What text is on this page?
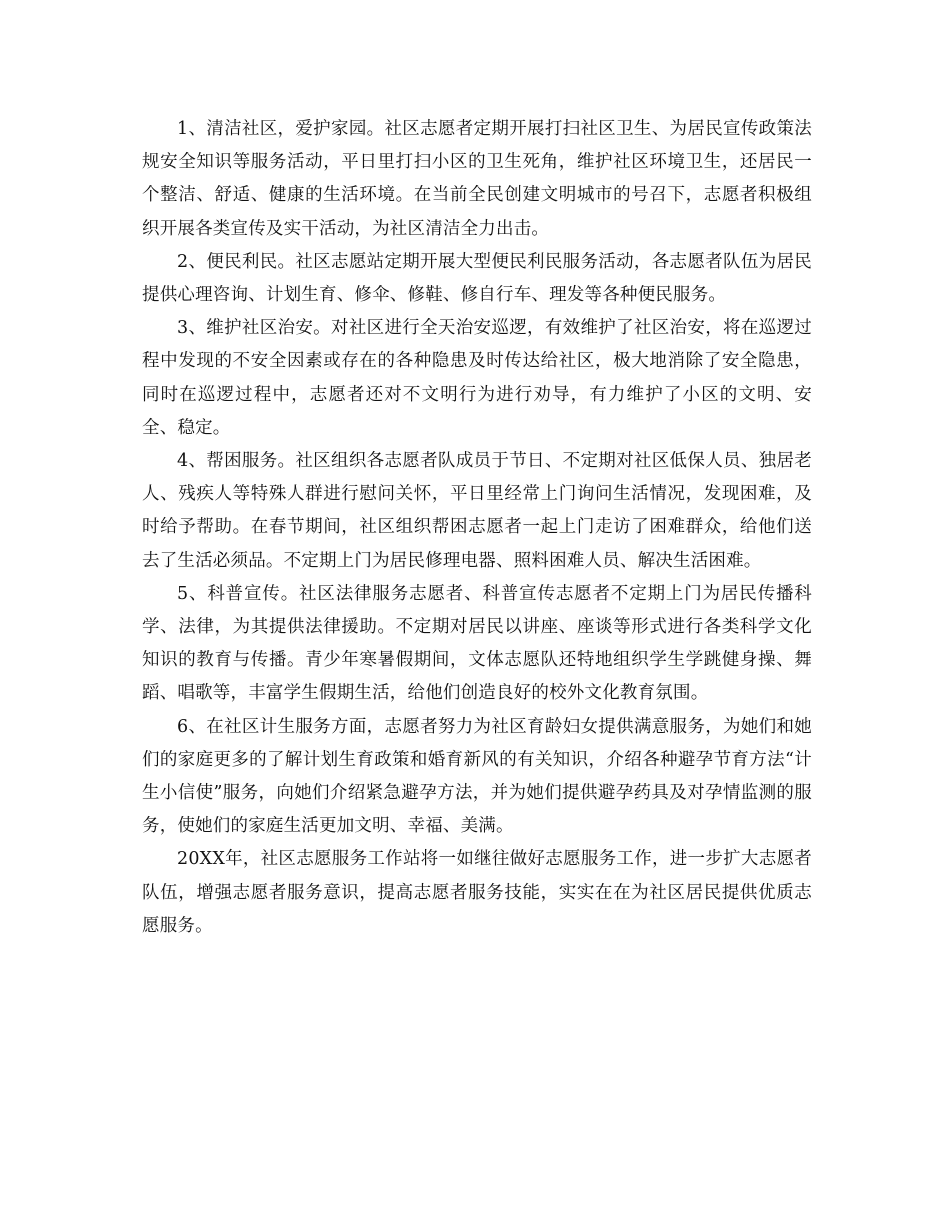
1、清洁社区，爱护家园。社区志愿者定期开展打扫社区卫生、为居民宣传政策法规安全知识等服务活动，平日里打扫小区的卫生死角，维护社区环境卫生，还居民一个整洁、舒适、健康的生活环境。在当前全民创建文明城市的号召下，志愿者积极组织开展各类宣传及实干活动，为社区清洁全力出击。

2、便民利民。社区志愿站定期开展大型便民利民服务活动，各志愿者队伍为居民提供心理咨询、计划生育、修伞、修鞋、修自行车、理发等各种便民服务。

3、维护社区治安。对社区进行全天治安巡逻，有效维护了社区治安，将在巡逻过程中发现的不安全因素或存在的各种隐患及时传达给社区，极大地消除了安全隐患，同时在巡逻过程中，志愿者还对不文明行为进行劝导，有力维护了小区的文明、安全、稳定。

4、帮困服务。社区组织各志愿者队成员于节日、不定期对社区低保人员、独居老人、残疾人等特殊人群进行慰问关怀，平日里经常上门询问生活情况，发现困难，及时给予帮助。在春节期间，社区组织帮困志愿者一起上门走访了困难群众，给他们送去了生活必须品。不定期上门为居民修理电器、照料困难人员、解决生活困难。

5、科普宣传。社区法律服务志愿者、科普宣传志愿者不定期上门为居民传播科学、法律，为其提供法律援助。不定期对居民以讲座、座谈等形式进行各类科学文化知识的教育与传播。青少年寒暑假期间，文体志愿队还特地组织学生学跳健身操、舞蹈、唱歌等，丰富学生假期生活，给他们创造良好的校外文化教育氛围。

6、在社区计生服务方面，志愿者努力为社区育龄妇女提供满意服务，为她们和她们的家庭更多的了解计划生育政策和婚育新风的有关知识，介绍各种避孕节育方法“计生小信使”服务，向她们介绍紧急避孕方法，并为她们提供避孕药具及对孕情监测的服务，使她们的家庭生活更加文明、幸福、美满。

20XX年，社区志愿服务工作站将一如继往做好志愿服务工作，进一步扩大志愿者队伍，增强志愿者服务意识，提高志愿者服务技能，实实在在为社区居民提供优质志愿服务。
